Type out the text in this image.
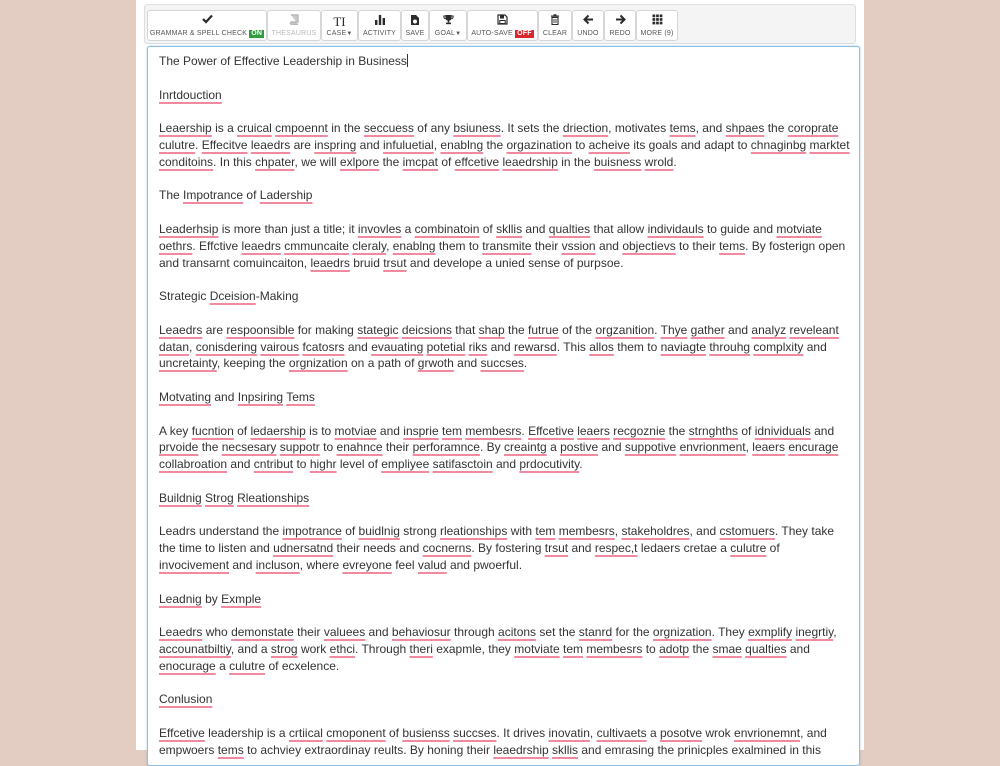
GRAMMAR & SPELL CHECK ON	THESAURUS
TI
CASE▼	ACTIVITY	SAVE	GOAL▼	AUTO-SAVE OFF	CLEAR	UNDO	REDO	MORE (9)

The Power of Effective Leadership in Business

Inrtdouction

Leaership is a cruical cmpoennt in the seccuess of any bsiuness. It sets the driection, motivates tems, and shpaes the coroprate culutre. Effecitve leaedrs are inspring and infuluetial, enablng the orgazination to acheive its goals and adapt to chnaginbg marktet conditoins. In this chpater, we will exlpore the imcpat of effcetive leaedrship in the buisness wrold.

The Impotrance of Ladership

Leaderhsip is more than just a title; it invovles a combinatoin of skllis and qualties that allow individauls to guide and motviate oethrs. Effctive leaedrs cmmuncaite cleraly, enablng them to transmite their vssion and objectievs to their tems. By fosterign open and transarnt comuincaiton, leaedrs bruid trsut and develope a unied sense of purpsoe.

Strategic Dceision-Making

Leaedrs are respoonsible for making stategic deicsions that shap the futrue of the orgzanition. Thye gather and analyz reveleant datan, conisdering vairous fcatosrs and evauating potetial riks and rewarsd. This allos them to naviagte throuhg complxity and uncretainty, keeping the orgnization on a path of grwoth and succses.

Motvating and Inpsiring Tems

A key fucntion of ledaership is to motviae and insprie tem membesrs. Effcetive leaers recgoznie the strnghths of idnividuals and prvoide the necsesary suppotr to enahnce their perforamnce. By creaintg a postive and suppotive envrionment, leaers encurage collabroation and cntribut to highr level of empliyee satifasctoin and prdocutivity.

Buildnig Strog Rleationships

Leadrs understand the impotrance of buidlnig strong rleationships with tem membesrs, stakeholdres, and cstomuers. They take the time to listen and udnersatnd their needs and cocnerns. By fostering trsut and respec,t ledaers cretae a culutre of invocivement and incluson, where evreyone feel valud and pwoerful.

Leadnig by Exmple

Leaedrs who demonstate their valuees and behaviosur through acitons set the stanrd for the orgnization. They exmplify inegrtiy, accounatbiltiy, and a strog work ethci. Through theri exapmle, they motviate tem membesrs to adotp the smae qualties and enocurage a culutre of ecxelence.

Conlusion

Effcetive leadership is a crtiical cmoponent of busienss succses. It drives inovatin, cultivaets a posotve wrok envrionemnt, and empwoers tems to achviey extraordinay reults. By honing their leaedrship skllis and emrasing the prinicples exalmined in this
